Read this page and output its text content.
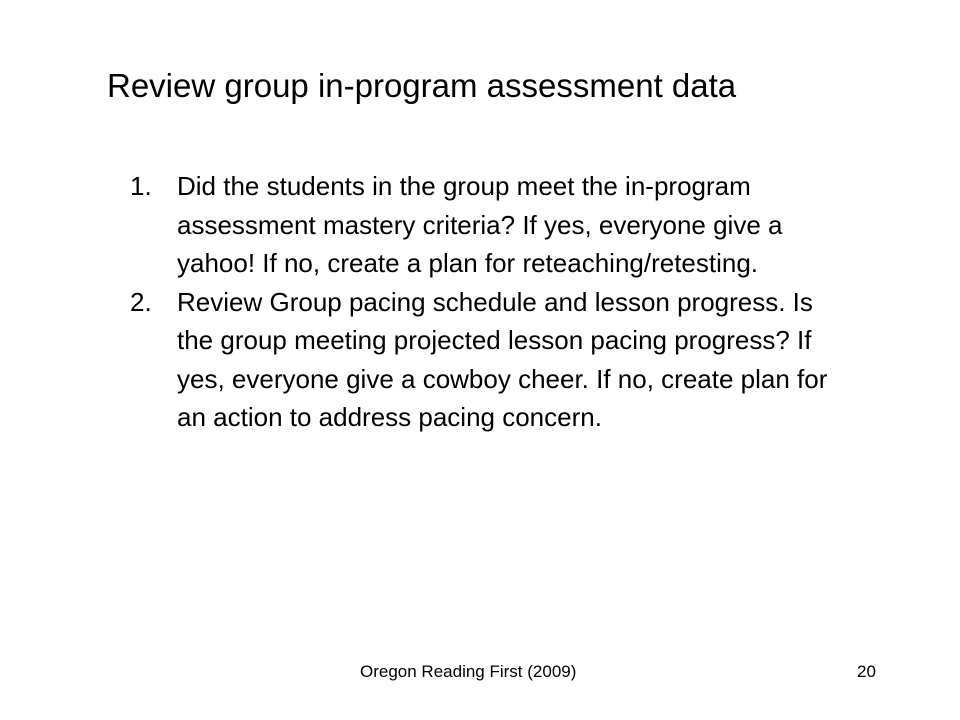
Review group in-program assessment data
1. Did the students in the group meet the in-program assessment mastery criteria? If yes, everyone give a yahoo! If no, create a plan for reteaching/retesting.
2. Review Group pacing schedule and lesson progress. Is the group meeting projected lesson pacing progress? If yes, everyone give a cowboy cheer. If no, create plan for an action to address pacing concern.
Oregon Reading First (2009)	20
